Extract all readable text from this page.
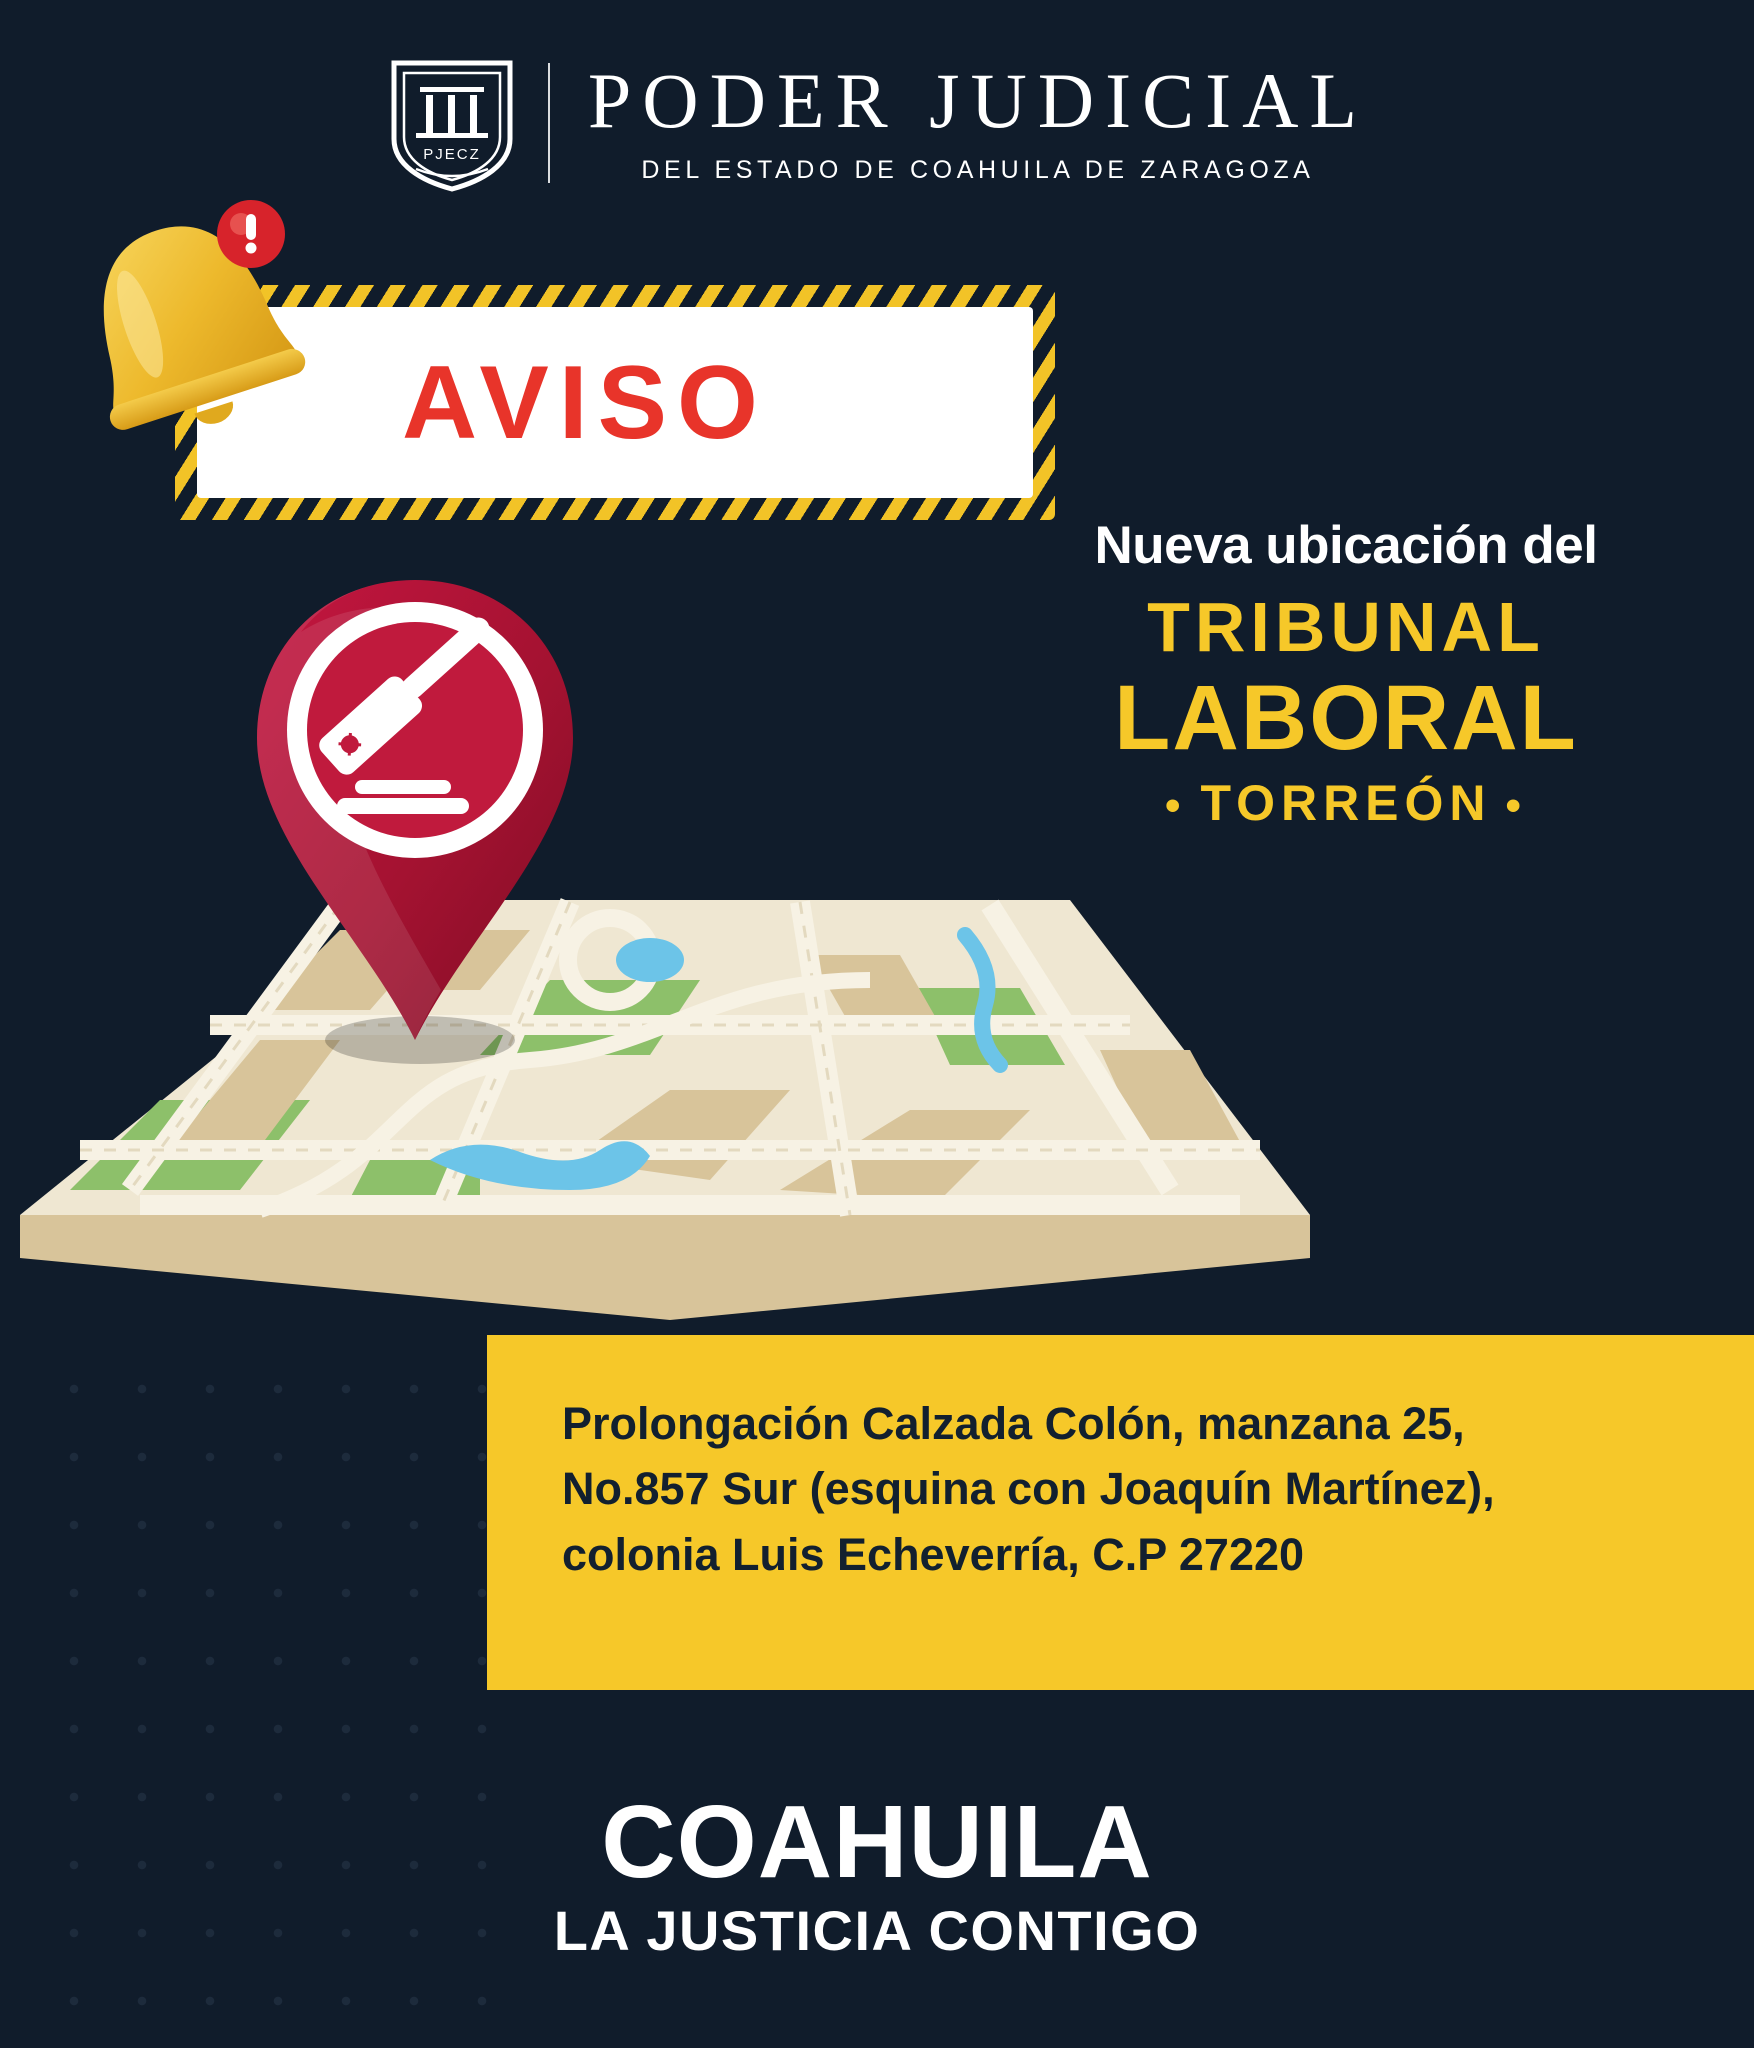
PJECZ
PODER JUDICIAL
DEL ESTADO DE COAHUILA DE ZARAGOZA
AVISO
Nueva ubicación del
TRIBUNAL
LABORAL
• TORREÓN •
Prolongación Calzada Colón, manzana 25,
No.857 Sur (esquina con Joaquín Martínez),
colonia Luis Echeverría, C.P 27220
COAHUILA
LA JUSTICIA CONTIGO
